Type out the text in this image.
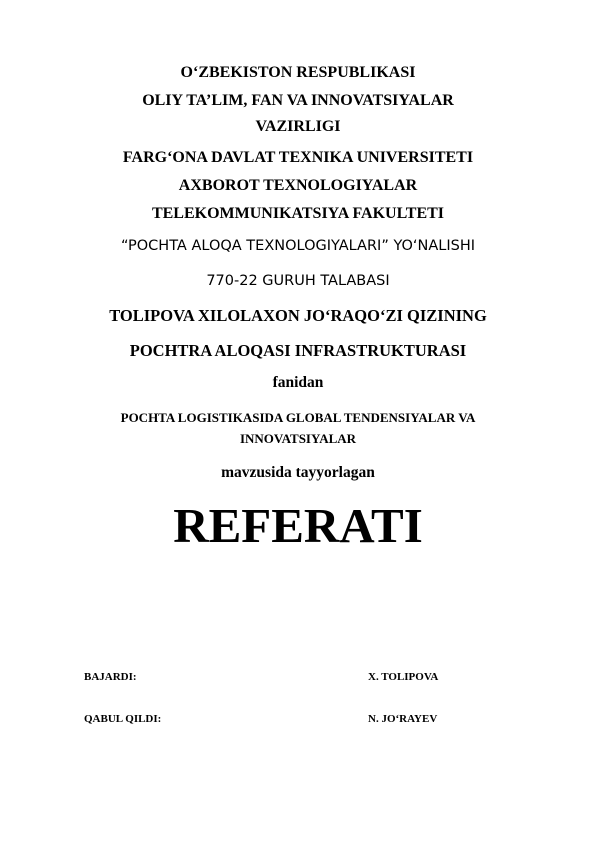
O‘ZBEKISTON RESPUBLIKASI
OLIY TA’LIM, FAN VA INNOVATSIYALAR
VAZIRLIGI
FARG‘ONA DAVLAT TEXNIKA UNIVERSITETI
AXBOROT TEXNOLOGIYALAR
TELEKOMMUNIKATSIYA FAKULTETI
“POCHTA ALOQA TEXNOLOGIYALARI” YO‘NALISHI
770-22 GURUH TALABASI
TOLIPOVA XILOLAXON JO‘RAQO‘ZI QIZINING
POCHTRA ALOQASI INFRASTRUKTURASI
fanidan
POCHTA LOGISTIKASIDA GLOBAL TENDENSIYALAR VA
INNOVATSIYALAR
mavzusida tayyorlagan
REFERATI
BAJARDI:	X. TOLIPOVA
QABUL QILDI:	N. JO‘RAYEV
